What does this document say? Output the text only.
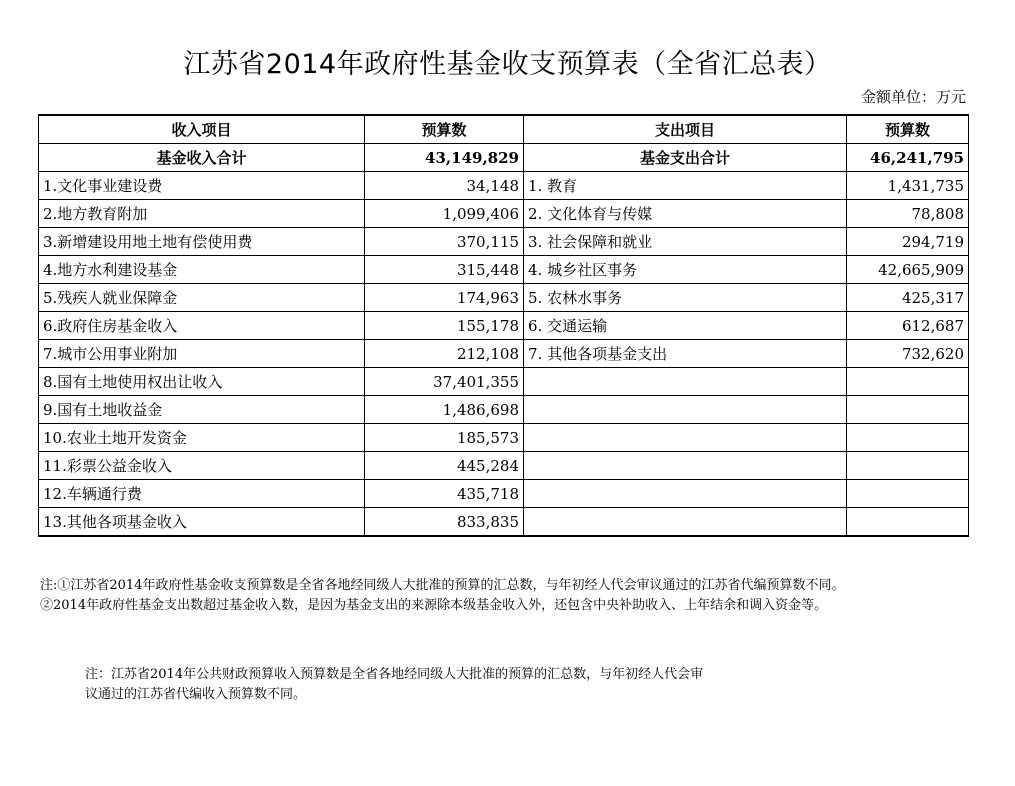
江苏省2014年政府性基金收支预算表（全省汇总表）
金额单位：万元
收入项目	预算数	支出项目	预算数
基金收入合计	43,149,829	基金支出合计	46,241,795
1.文化事业建设费	34,148	1. 教育	1,431,735
2.地方教育附加	1,099,406	2. 文化体育与传媒	78,808
3.新增建设用地土地有偿使用费	370,115	3. 社会保障和就业	294,719
4.地方水利建设基金	315,448	4. 城乡社区事务	42,665,909
5.残疾人就业保障金	174,963	5. 农林水事务	425,317
6.政府住房基金收入	155,178	6. 交通运输	612,687
7.城市公用事业附加	212,108	7. 其他各项基金支出	732,620
8.国有土地使用权出让收入	37,401,355		
9.国有土地收益金	1,486,698		
10.农业土地开发资金	185,573		
11.彩票公益金收入	445,284		
12.车辆通行费	435,718		
13.其他各项基金收入	833,835		
注:①江苏省2014年政府性基金收支预算数是全省各地经同级人大批准的预算的汇总数，与年初经人代会审议通过的江苏省代编预算数不同。
②2014年政府性基金支出数超过基金收入数，是因为基金支出的来源除本级基金收入外，还包含中央补助收入、上年结余和调入资金等。
注：江苏省2014年公共财政预算收入预算数是全省各地经同级人大批准的预算的汇总数，与年初经人代会审
议通过的江苏省代编收入预算数不同。
